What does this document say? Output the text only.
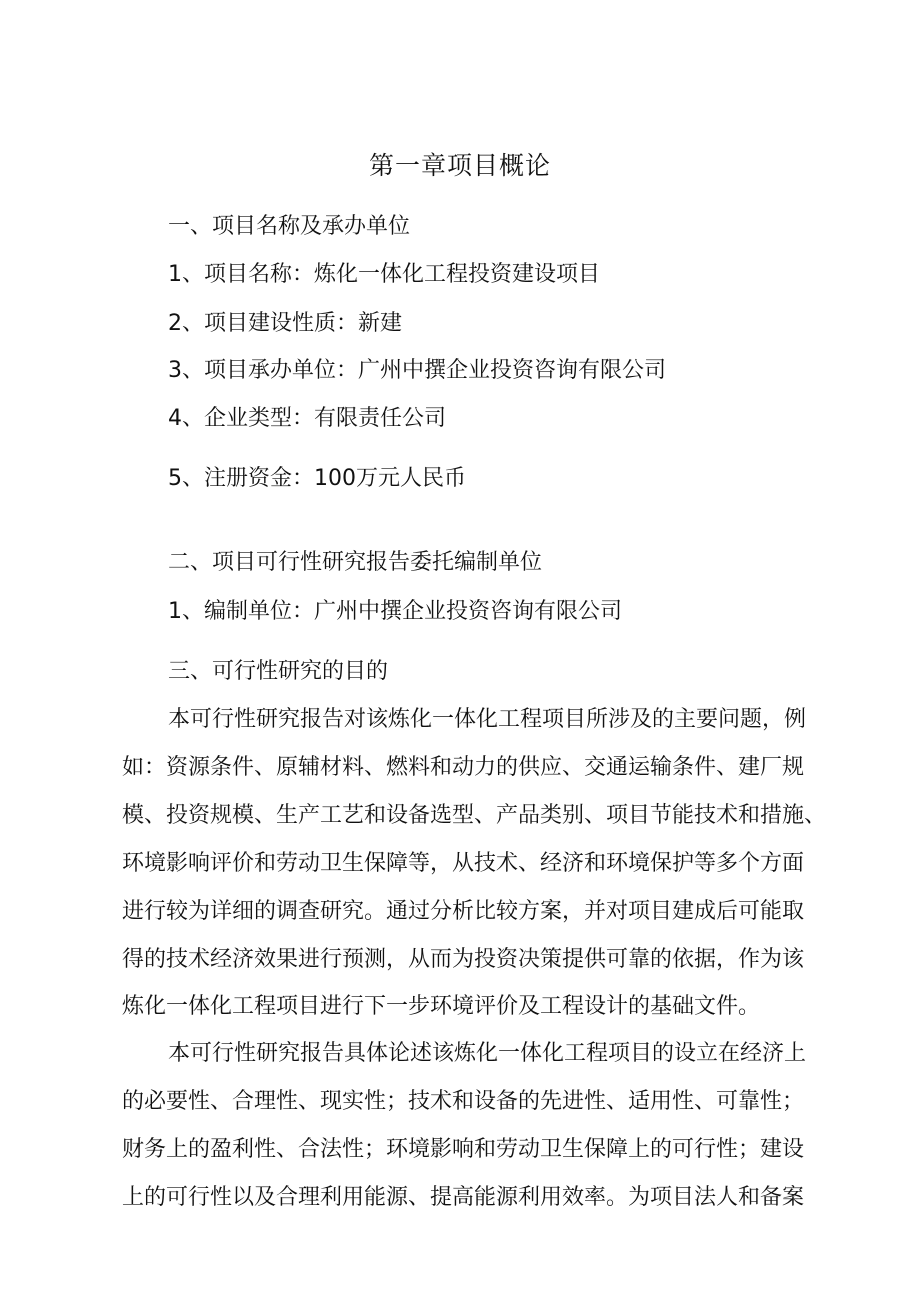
第一章项目概论
一、项目名称及承办单位
1、项目名称：炼化一体化工程投资建设项目
2、项目建设性质：新建
3、项目承办单位：广州中撰企业投资咨询有限公司
4、企业类型：有限责任公司
5、注册资金：100万元人民币
二、项目可行性研究报告委托编制单位
1、编制单位：广州中撰企业投资咨询有限公司
三、可行性研究的目的
本可行性研究报告对该炼化一体化工程项目所涉及的主要问题，例
如：资源条件、原辅材料、燃料和动力的供应、交通运输条件、建厂规
模、投资规模、生产工艺和设备选型、产品类别、项目节能技术和措施、
环境影响评价和劳动卫生保障等，从技术、经济和环境保护等多个方面
进行较为详细的调查研究。通过分析比较方案，并对项目建成后可能取
得的技术经济效果进行预测，从而为投资决策提供可靠的依据，作为该
炼化一体化工程项目进行下一步环境评价及工程设计的基础文件。
本可行性研究报告具体论述该炼化一体化工程项目的设立在经济上
的必要性、合理性、现实性；技术和设备的先进性、适用性、可靠性；
财务上的盈利性、合法性；环境影响和劳动卫生保障上的可行性；建设
上的可行性以及合理利用能源、提高能源利用效率。为项目法人和备案
